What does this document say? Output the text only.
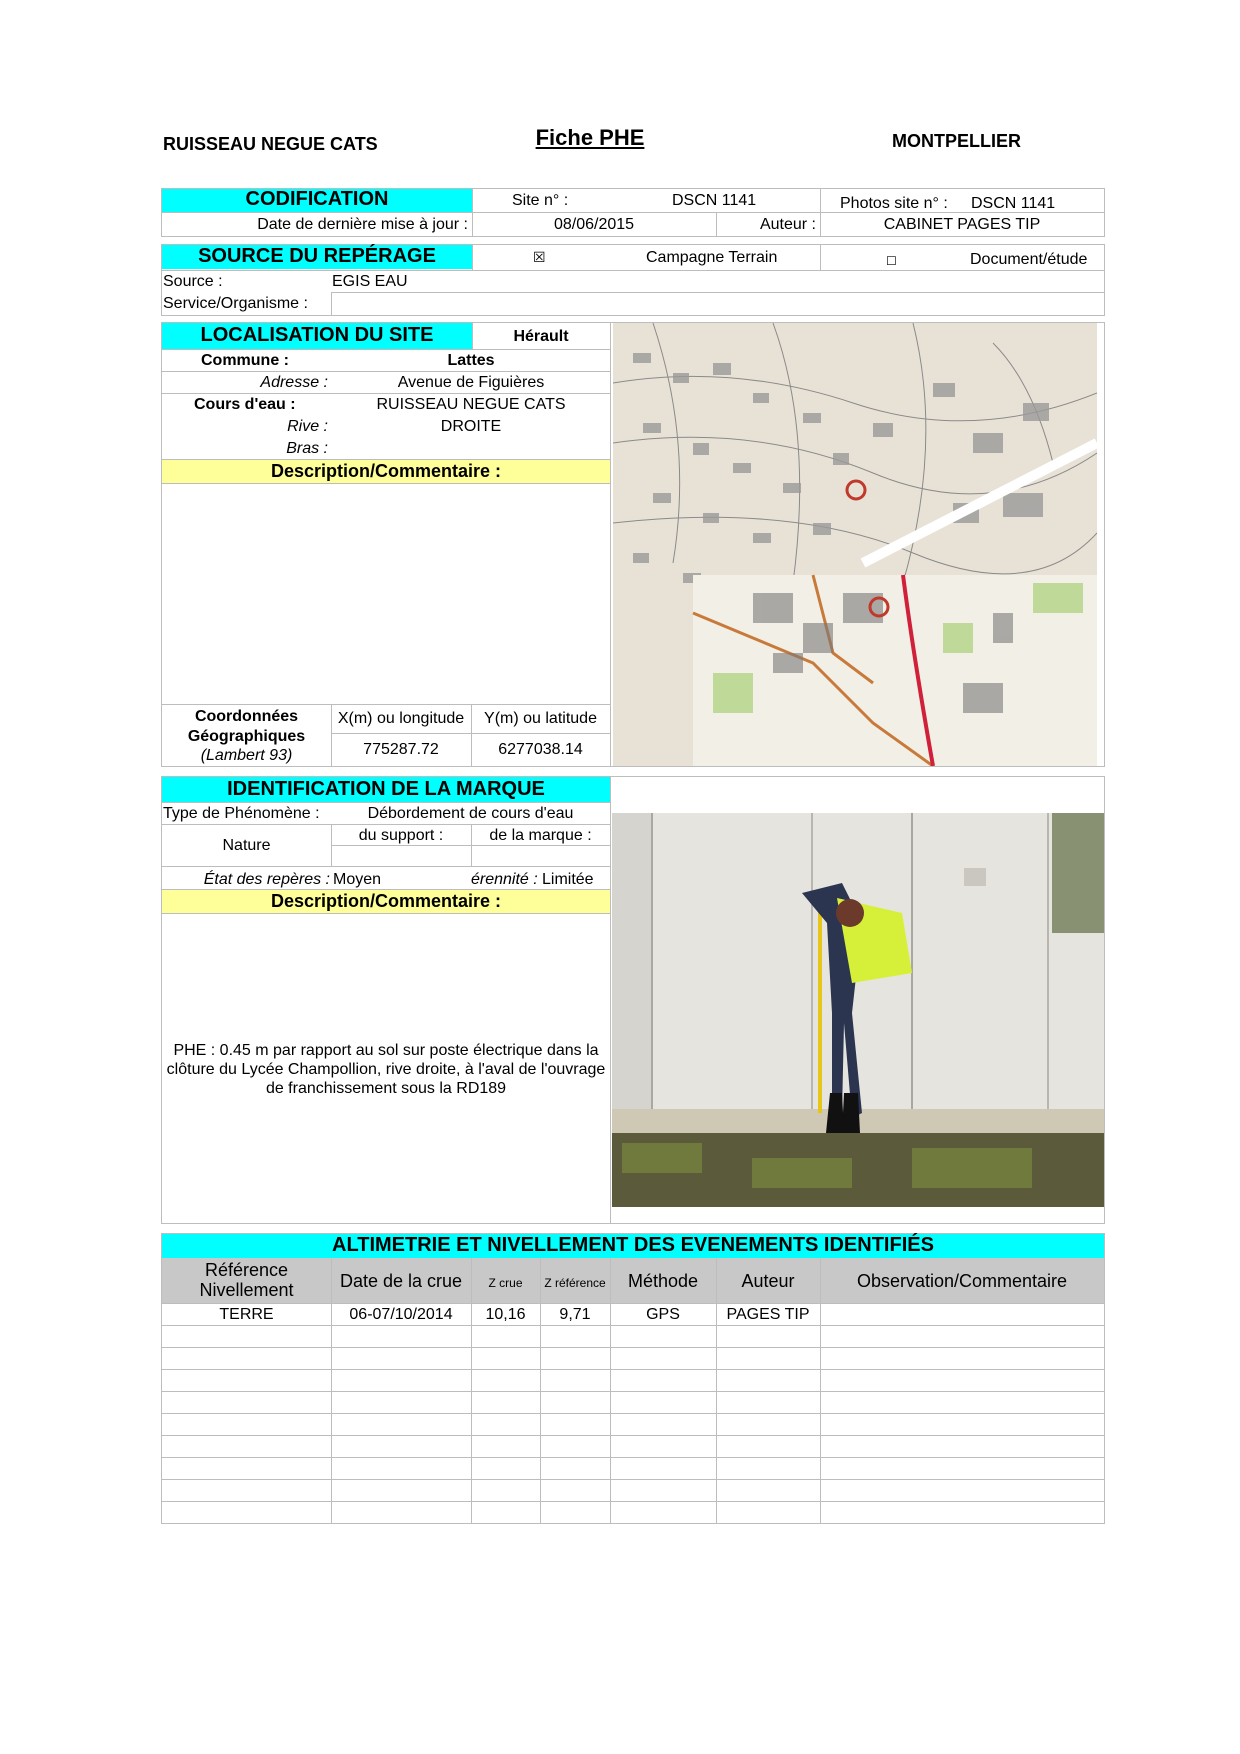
RUISSEAU NEGUE CATS	Fiche PHE	MONTPELLIER
CODIFICATION	Site n° :	DSCN 1141	Photos site n° : DSCN 1141
Date de dernière mise à jour :	08/06/2015	Auteur :	CABINET PAGES TIP
SOURCE DU REPÉRAGE	☒	Campagne Terrain	☐	Document/étude
Source :	EGIS EAU
Service/Organisme :
LOCALISATION DU SITE	Hérault
Commune :	Lattes
Adresse :	Avenue de Figuières
Cours d'eau :	RUISSEAU NEGUE CATS
Rive :	DROITE
Bras :
Description/Commentaire :
Coordonnées
Géographiques
(Lambert 93)
X(m) ou longitude	Y(m) ou latitude
775287.72	6277038.14
IDENTIFICATION DE LA MARQUE
Type de Phénomène :	Débordement de cours d'eau
Nature
du support :	de la marque :
État des repères : Moyen	érennité : Limitée
Description/Commentaire :
PHE : 0.45 m par rapport au sol sur poste électrique dans la clôture du Lycée Champollion, rive droite, à l'aval de l'ouvrage de franchissement sous la RD189
ALTIMETRIE ET NIVELLEMENT DES EVENEMENTS IDENTIFIÉS
Référence Nivellement	Date de la crue	Z crue	Z référence	Méthode	Auteur	Observation/Commentaire
TERRE	06-07/10/2014	10,16	9,71	GPS	PAGES TIP
